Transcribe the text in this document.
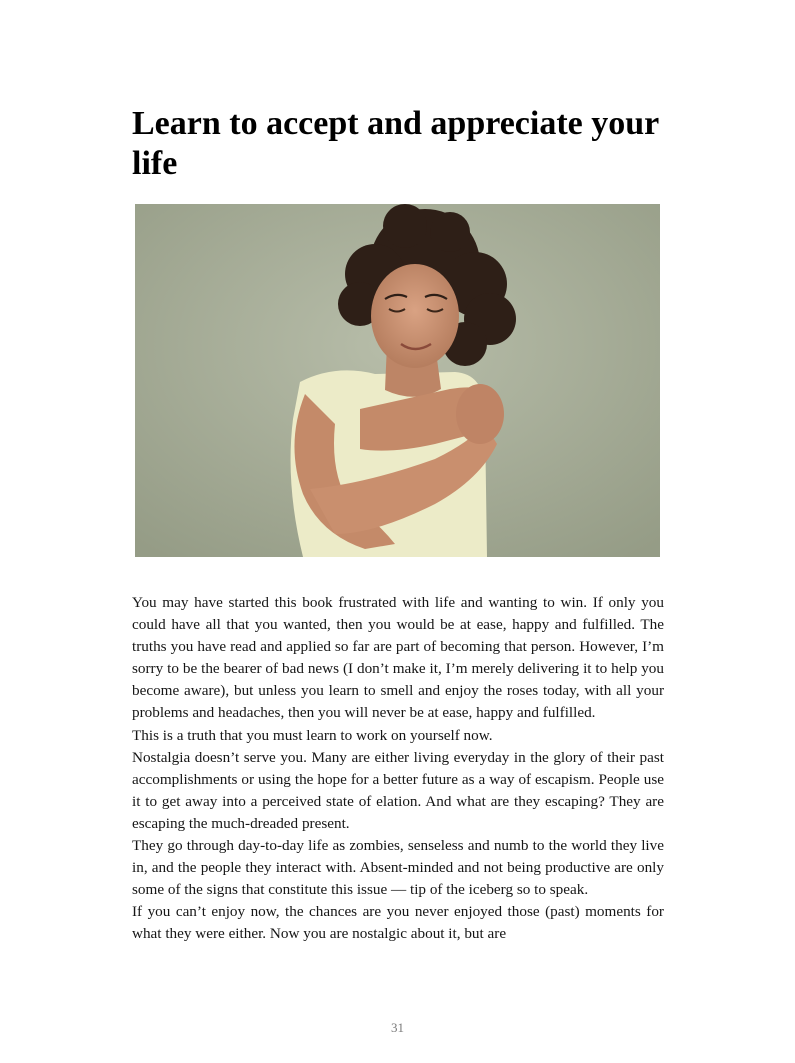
Learn to accept and appreciate your life

You may have started this book frustrated with life and wanting to win. If only you could have all that you wanted, then you would be at ease, happy and fulfilled. The truths you have read and applied so far are part of becoming that person. However, I’m sorry to be the bearer of bad news (I don’t make it, I’m merely delivering it to help you become aware), but unless you learn to smell and enjoy the roses today, with all your problems and headaches, then you will never be at ease, happy and fulfilled.

This is a truth that you must learn to work on yourself now.

Nostalgia doesn’t serve you. Many are either living everyday in the glory of their past accomplishments or using the hope for a better future as a way of escapism. People use it to get away into a perceived state of elation. And what are they escaping? They are escaping the much-dreaded present.

They go through day-to-day life as zombies, senseless and numb to the world they live in, and the people they interact with. Absent-minded and not being productive are only some of the signs that constitute this issue — tip of the iceberg so to speak.

If you can’t enjoy now, the chances are you never enjoyed those (past) moments for what they were either. Now you are nostalgic about it, but are

31
